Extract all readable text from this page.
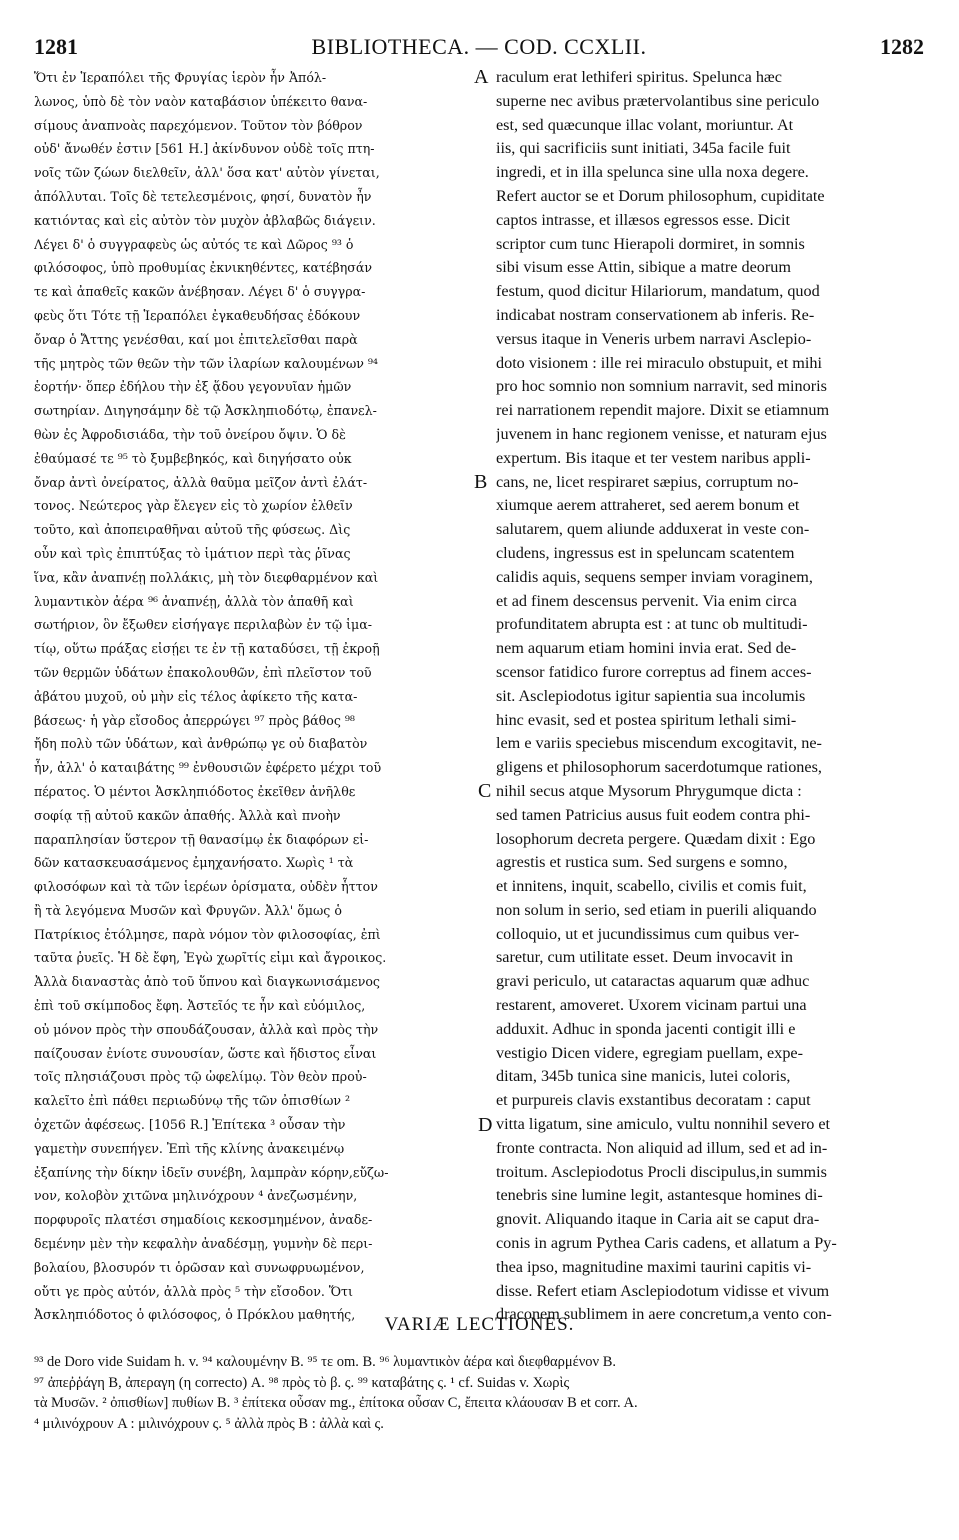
1281	BIBLIOTHECA. — COD. CCXLII.	1282
Ὅτι ἐν Ἱεραπόλει τῆς Φρυγίας ἱερὸν ἦν Ἀπόλ-
λωνος, ὑπὸ δὲ τὸν ναὸν καταβάσιον ὑπέκειτο θανα-
σίμους ἀναπνοὰς παρεχόμενον. Τοῦτον τὸν βόθρον
οὐδ' ἄνωθέν ἐστιν [561 H.] ἀκίνδυνον οὐδὲ τοῖς πτη-
νοῖς τῶν ζώων διελθεῖν, ἀλλ' ὅσα κατ' αὐτὸν γίνεται,
ἀπόλλυται. Τοῖς δὲ τετελεσμένοις, φησί, δυνατὸν ἦν
κατιόντας καὶ εἰς αὐτὸν τὸν μυχὸν ἀβλαβῶς διάγειν.
Λέγει δ' ὁ συγγραφεὺς ὡς αὐτός τε καὶ Δῶρος ⁹³ ὁ
φιλόσοφος, ὑπὸ προθυμίας ἐκνικηθέντες, κατέβησάν
τε καὶ ἀπαθεῖς κακῶν ἀνέβησαν. Λέγει δ' ὁ συγγρα-
φεὺς ὅτι Τότε τῇ Ἱεραπόλει ἐγκαθευδήσας ἐδόκουν
ὄναρ ὁ Ἄττης γενέσθαι, καί μοι ἐπιτελεῖσθαι παρὰ
τῆς μητρὸς τῶν θεῶν τὴν τῶν ἱλαρίων καλουμένων ⁹⁴
ἑορτήν· ὅπερ ἐδήλου τὴν ἐξ ᾅδου γεγονυῖαν ἡμῶν
σωτηρίαν. Διηγησάμην δὲ τῷ Ἀσκληπιοδότῳ, ἐπανελ-
θὼν ἐς Ἀφροδισιάδα, τὴν τοῦ ὀνείρου ὄψιν. Ὁ δὲ
ἐθαύμασέ τε ⁹⁵ τὸ ξυμβεβηκός, καὶ διηγήσατο οὐκ
ὄναρ ἀντὶ ὀνείρατος, ἀλλὰ θαῦμα μεῖζον ἀντὶ ἐλάτ-
τονος. Νεώτερος γὰρ ἔλεγεν εἰς τὸ χωρίον ἐλθεῖν
τοῦτο, καὶ ἀποπειραθῆναι αὐτοῦ τῆς φύσεως. Δὶς
οὖν καὶ τρὶς ἐπιπτύξας τὸ ἱμάτιον περὶ τὰς ῥῖνας
ἵνα, κἂν ἀναπνέῃ πολλάκις, μὴ τὸν διεφθαρμένον καὶ
λυμαντικὸν ἀέρα ⁹⁶ ἀναπνέῃ, ἀλλὰ τὸν ἀπαθῆ καὶ
σωτήριον, ὃν ἔξωθεν εἰσήγαγε περιλαβὼν ἐν τῷ ἱμα-
τίῳ, οὕτω πράξας εἰσῄει τε ἐν τῇ καταδύσει, τῇ ἐκροῇ
τῶν θερμῶν ὑδάτων ἐπακολουθῶν, ἐπὶ πλεῖστον τοῦ
ἀβάτου μυχοῦ, οὐ μὴν εἰς τέλος ἀφίκετο τῆς κατα-
βάσεως· ἡ γὰρ εἴσοδος ἀπερρώγει ⁹⁷ πρὸς βάθος ⁹⁸
ἤδη πολὺ τῶν ὑδάτων, καὶ ἀνθρώπῳ γε οὐ διαβατὸν
ἦν, ἀλλ' ὁ καταιβάτης ⁹⁹ ἐνθουσιῶν ἐφέρετο μέχρι τοῦ
πέρατος. Ὁ μέντοι Ἀσκληπιόδοτος ἐκεῖθεν ἀνῆλθε
σοφίᾳ τῇ αὐτοῦ κακῶν ἀπαθής. Ἀλλὰ καὶ πνοὴν
παραπλησίαν ὕστερον τῇ θανασίμῳ ἐκ διαφόρων εἰ-
δῶν κατασκευασάμενος ἐμηχανήσατο. Χωρὶς ¹ τὰ
φιλοσόφων καὶ τὰ τῶν ἱερέων ὁρίσματα, οὐδὲν ἧττον
ἢ τὰ λεγόμενα Μυσῶν καὶ Φρυγῶν. Ἀλλ' ὅμως ὁ
Πατρίκιος ἐτόλμησε, παρὰ νόμον τὸν φιλοσοφίας, ἐπὶ
ταῦτα ῥυεῖς. Ἡ δὲ ἔφη, Ἐγὼ χωρῖτίς εἰμι καὶ ἄγροικος.
Ἀλλὰ διαναστὰς ἀπὸ τοῦ ὕπνου καὶ διαγκωνισάμενος
ἐπὶ τοῦ σκίμποδος ἔφη. Ἀστεῖός τε ἦν καὶ εὐόμιλος,
οὐ μόνον πρὸς τὴν σπουδάζουσαν, ἀλλὰ καὶ πρὸς τὴν
παίζουσαν ἐνίοτε συνουσίαν, ὥστε καὶ ἥδιστος εἶναι
τοῖς πλησιάζουσι πρὸς τῷ ὠφελίμῳ. Τὸν θεὸν προὐ-
καλεῖτο ἐπὶ πάθει περιωδύνῳ τῆς τῶν ὀπισθίων ²
ὀχετῶν ἀφέσεως. [1056 R.] Ἐπίτεκα ³ οὖσαν τὴν
γαμετὴν συνεπήγεν. Ἐπὶ τῆς κλίνης ἀνακειμένῳ
ἐξαπίνης τὴν δίκην ἰδεῖν συνέβη, λαμπρὰν κόρην,εὔζω-
νον, κολοβὸν χιτῶνα μηλινόχρουν ⁴ ἀνεζωσμένην,
πορφυροῖς πλατέσι σημαδίοις κεκοσμημένον, ἀναδε-
δεμένην μὲν τὴν κεφαλὴν ἀναδέσμῃ, γυμνὴν δὲ περι-
βολαίου, βλοσυρόν τι ὁρῶσαν καὶ συνωφρυωμένον,
οὔτι γε πρὸς αὐτόν, ἀλλὰ πρὸς ⁵ τὴν εἴσοδον. Ὅτι
Ἀσκληπιόδοτος ὁ φιλόσοφος, ὁ Πρόκλου μαθητής,
raculum erat lethiferi spiritus. Spelunca hæc
superne nec avibus prætervolantibus sine periculo
est, sed quæcunque illac volant, moriuntur. At
iis, qui sacrificiis sunt initiati, 345a facile fuit
ingredi, et in illa spelunca sine ulla noxa degere.
Refert auctor se et Dorum philosophum, cupiditate
captos intrasse, et illæsos egressos esse. Dicit
scriptor cum tunc Hierapoli dormiret, in somnis
sibi visum esse Attin, sibique a matre deorum
festum, quod dicitur Hilariorum, mandatum, quod
indicabat nostram conservationem ab inferis. Re-
versus itaque in Veneris urbem narravi Asclepio-
doto visionem : ille rei miraculo obstupuit, et mihi
pro hoc somnio non somnium narravit, sed minoris
rei narrationem rependit majore. Dixit se etiamnum
juvenem in hanc regionem venisse, et naturam ejus
expertum. Bis itaque et ter vestem naribus appli-
cans, ne, licet respiraret sæpius, corruptum no-
xiumque aerem attraheret, sed aerem bonum et
salutarem, quem aliunde adduxerat in veste con-
cludens, ingressus est in speluncam scatentem
calidis aquis, sequens semper inviam voraginem,
et ad finem descensus pervenit. Via enim circa
profunditatem abrupta est : at tunc ob multitudi-
nem aquarum etiam homini invia erat. Sed de-
scensor fatidico furore correptus ad finem acces-
sit. Asclepiodotus igitur sapientia sua incolumis
hinc evasit, sed et postea spiritum lethali simi-
lem e variis speciebus miscendum excogitavit, ne-
gligens et philosophorum sacerdotumque rationes,
nihil secus atque Mysorum Phrygumque dicta :
sed tamen Patricius ausus fuit eodem contra phi-
losophorum decreta pergere. Quædam dixit : Ego
agrestis et rustica sum. Sed surgens e somno,
et innitens, inquit, scabello, civilis et comis fuit,
non solum in serio, sed etiam in puerili aliquando
colloquio, ut et jucundissimus cum quibus ver-
saretur, cum utilitate esset. Deum invocavit in
gravi periculo, ut cataractas aquarum quæ adhuc
restarent, amoveret. Uxorem vicinam partui una
adduxit. Adhuc in sponda jacenti contigit illi e
vestigio Dicen videre, egregiam puellam, expe-
ditam, 345b tunica sine manicis, lutei coloris,
et purpureis clavis exstantibus decoratam : caput
vitta ligatum, sine amiculo, vultu nonnihil severo et
fronte contracta. Non aliquid ad illum, sed et ad in-
troitum. Asclepiodotus Procli discipulus,in summis
tenebris sine lumine legit, astantesque homines di-
gnovit. Aliquando itaque in Caria ait se caput dra-
conis in agrum Pythea Caris cadens, et allatum a Py-
thea ipso, magnitudine maximi taurini capitis vi-
disse. Refert etiam Asclepiodotum vidisse et vivum
draconem sublimem in aere concretum,a vento con-
A
B
C
D
VARIÆ LECTIONES.
⁹³ de Doro vide Suidam h. v. ⁹⁴ καλουμένην B. ⁹⁵ τε om. B. ⁹⁶ λυμαντικὸν ἀέρα καὶ διεφθαρμένον B.
⁹⁷ ἀπεῤῥάγη B, ἀπεραγη (η correcto) A. ⁹⁸ πρὸς τὸ β. ς. ⁹⁹ καταβάτης ς. ¹ cf. Suidas v. Χωρὶς
τὰ Μυσῶν. ² ὀπισθίων] πυθίων B. ³ ἐπίτεκα οὖσαν mg., ἐπίτοκα οὖσαν C, ἔπειτα κλάουσαν B et corr. A.
⁴ μιλινόχρουν A : μιλινόχρουν ς. ⁵ ἀλλὰ πρὸς B : ἀλλὰ καὶ ς.
